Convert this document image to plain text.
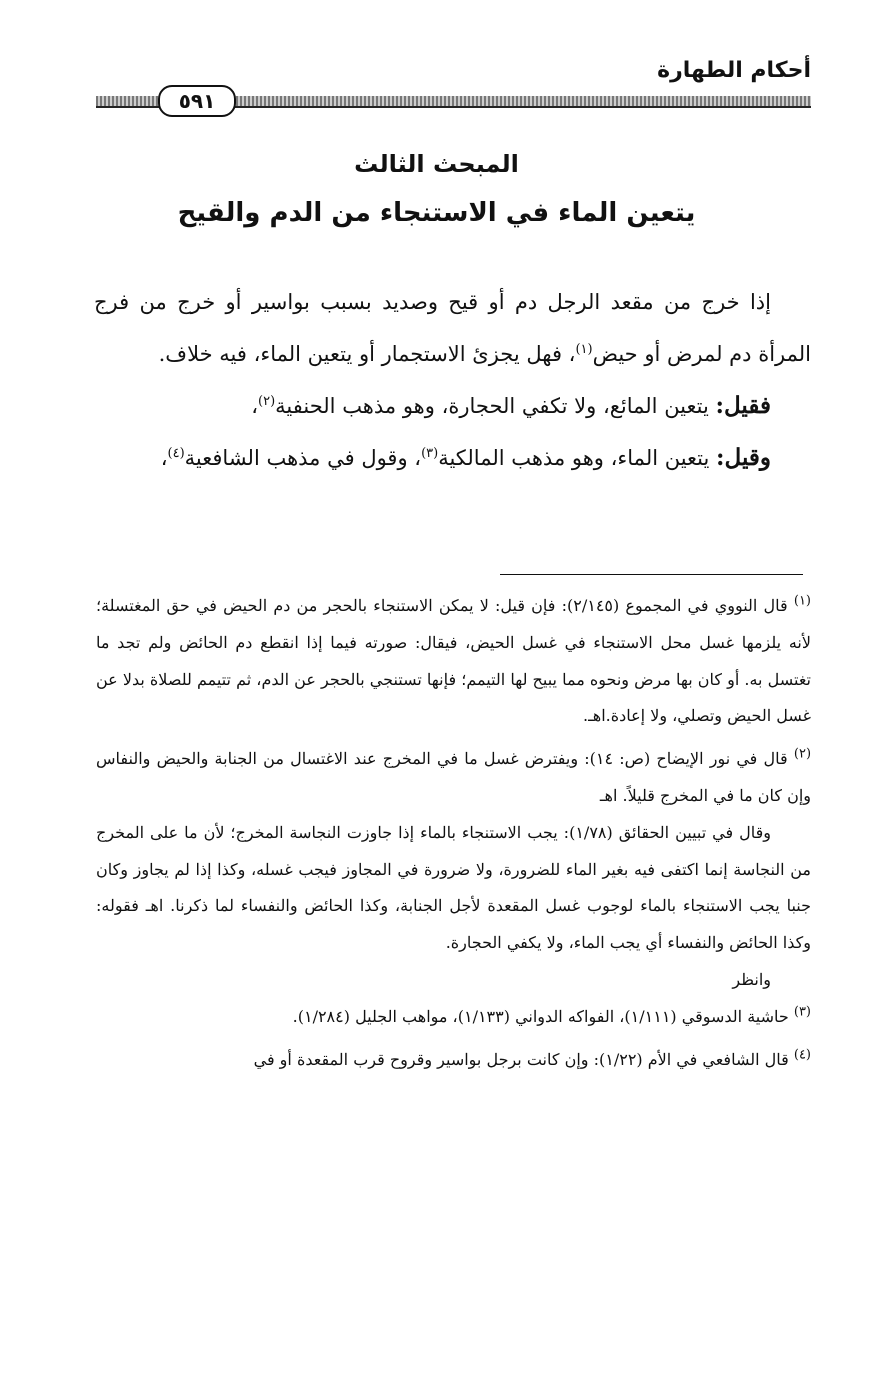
أحكام الطهارة
٥٩١
المبحث الثالث
يتعين الماء في الاستنجاء من الدم والقيح

إذا خرج من مقعد الرجل دم أو قيح وصديد بسبب بواسير أو خرج من فرج المرأة دم لمرض أو حيض$^{(١)}$، فهل يجزئ الاستجمار أو يتعين الماء، فيه خلاف.

فقيل: يتعين المائع، ولا تكفي الحجارة، وهو مذهب الحنفية$^{(٢)}$،

وقيل: يتعين الماء، وهو مذهب المالكية$^{(٣)}$، وقول في مذهب الشافعية$^{(٤)}$،

$^{(١)}$ قال النووي في المجموع (٢/١٤٥): فإن قيل: لا يمكن الاستنجاء بالحجر من دم الحيض في حق المغتسلة؛ لأنه يلزمها غسل محل الاستنجاء في غسل الحيض، فيقال: صورته فيما إذا انقطع دم الحائض ولم تجد ما تغتسل به. أو كان بها مرض ونحوه مما يبيح لها التيمم؛ فإنها تستنجي بالحجر عن الدم، ثم تتيمم للصلاة بدلا عن غسل الحيض وتصلي، ولا إعادة.اهـ.

$^{(٢)}$ قال في نور الإيضاح (ص: ١٤): ويفترض غسل ما في المخرج عند الاغتسال من الجنابة والحيض والنفاس وإن كان ما في المخرج قليلاً. اهـ

وقال في تبيين الحقائق (١/٧٨): يجب الاستنجاء بالماء إذا جاوزت النجاسة المخرج؛ لأن ما على المخرج من النجاسة إنما اكتفى فيه بغير الماء للضرورة، ولا ضرورة في المجاوز فيجب غسله، وكذا إذا لم يجاوز وكان جنبا يجب الاستنجاء بالماء لوجوب غسل المقعدة لأجل الجنابة، وكذا الحائض والنفساء لما ذكرنا. اهـ فقوله: وكذا الحائض والنفساء أي يجب الماء، ولا يكفي الحجارة.

وانظر

$^{(٣)}$ حاشية الدسوقي (١/١١١)، الفواكه الدواني (١/١٣٣)، مواهب الجليل (١/٢٨٤).

$^{(٤)}$ قال الشافعي في الأم (١/٢٢): وإن كانت برجل بواسير وقروح قرب المقعدة أو في
